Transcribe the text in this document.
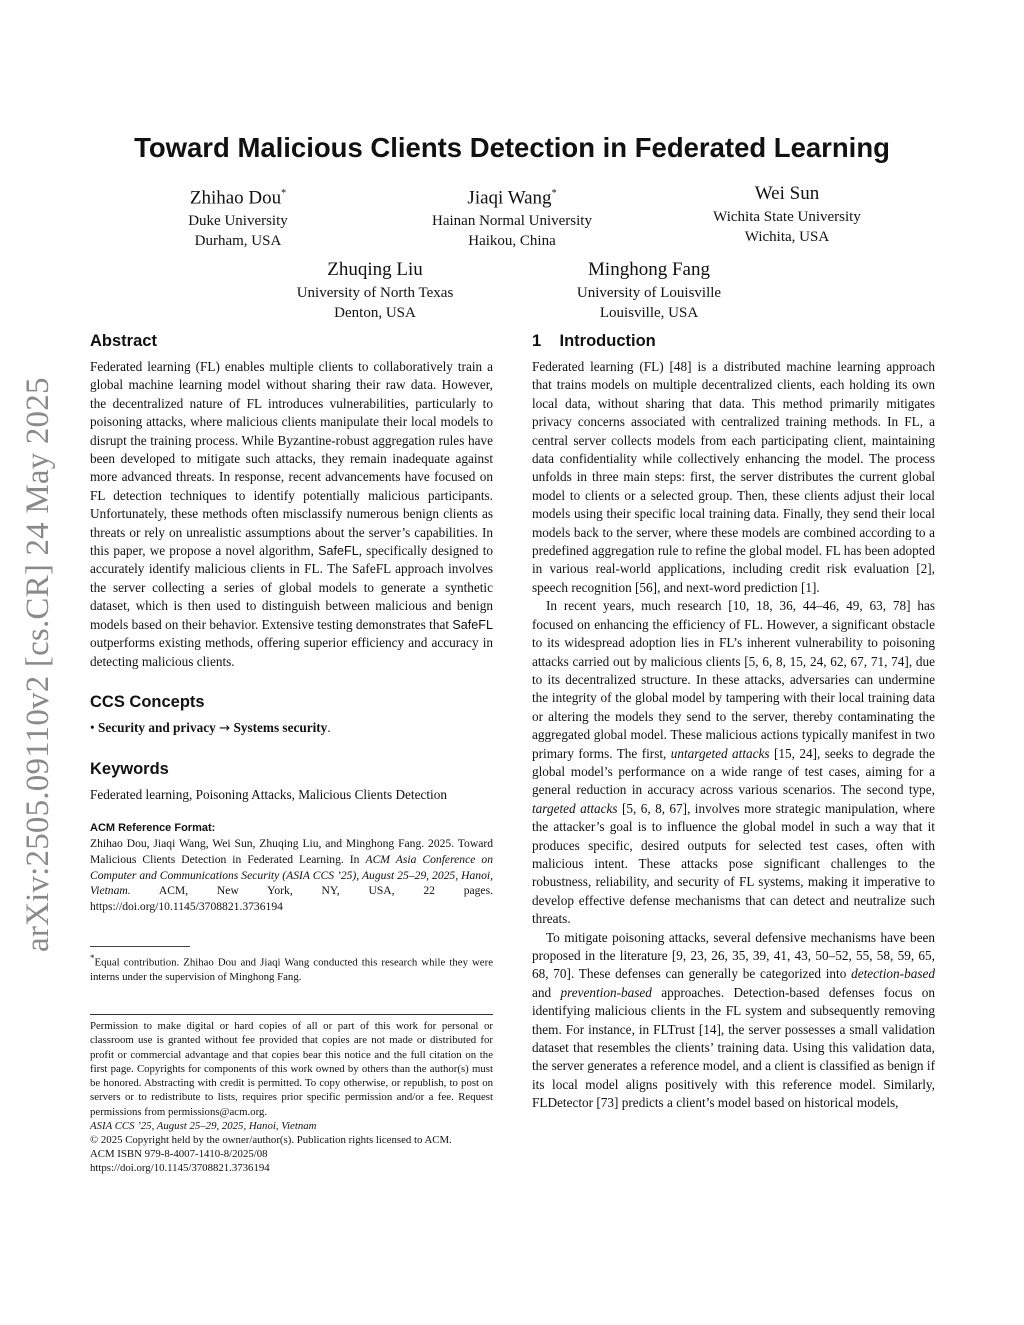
arXiv:2505.09110v2 [cs.CR] 24 May 2025
Toward Malicious Clients Detection in Federated Learning
Zhihao Dou*
Duke University
Durham, USA
Jiaqi Wang*
Hainan Normal University
Haikou, China
Wei Sun
Wichita State University
Wichita, USA
Zhuqing Liu
University of North Texas
Denton, USA
Minghong Fang
University of Louisville
Louisville, USA
Abstract

Federated learning (FL) enables multiple clients to collaboratively train a global machine learning model without sharing their raw data. However, the decentralized nature of FL introduces vulnerabilities, particularly to poisoning attacks, where malicious clients manipulate their local models to disrupt the training process. While Byzantine-robust aggregation rules have been developed to mitigate such attacks, they remain inadequate against more advanced threats. In response, recent advancements have focused on FL detection techniques to identify potentially malicious participants. Unfortunately, these methods often misclassify numerous benign clients as threats or rely on unrealistic assumptions about the server’s capabilities. In this paper, we propose a novel algorithm, SafeFL, specifically designed to accurately identify malicious clients in FL. The SafeFL approach involves the server collecting a series of global models to generate a synthetic dataset, which is then used to distinguish between malicious and benign models based on their behavior. Extensive testing demonstrates that SafeFL outperforms existing methods, offering superior efficiency and accuracy in detecting malicious clients.

CCS Concepts

• Security and privacy → Systems security.

Keywords

Federated learning, Poisoning Attacks, Malicious Clients Detection

ACM Reference Format:

Zhihao Dou, Jiaqi Wang, Wei Sun, Zhuqing Liu, and Minghong Fang. 2025. Toward Malicious Clients Detection in Federated Learning. In ACM Asia Conference on Computer and Communications Security (ASIA CCS ’25), August 25–29, 2025, Hanoi, Vietnam. ACM, New York, NY, USA, 22 pages. https://doi.org/10.1145/3708821.3736194

*Equal contribution. Zhihao Dou and Jiaqi Wang conducted this research while they were interns under the supervision of Minghong Fang.

Permission to make digital or hard copies of all or part of this work for personal or classroom use is granted without fee provided that copies are not made or distributed for profit or commercial advantage and that copies bear this notice and the full citation on the first page. Copyrights for components of this work owned by others than the author(s) must be honored. Abstracting with credit is permitted. To copy otherwise, or republish, to post on servers or to redistribute to lists, requires prior specific permission and/or a fee. Request permissions from permissions@acm.org.

ASIA CCS ’25, August 25–29, 2025, Hanoi, Vietnam

© 2025 Copyright held by the owner/author(s). Publication rights licensed to ACM.

ACM ISBN 979-8-4007-1410-8/2025/08

https://doi.org/10.1145/3708821.3736194

1    Introduction

Federated learning (FL) [48] is a distributed machine learning approach that trains models on multiple decentralized clients, each holding its own local data, without sharing that data. This method primarily mitigates privacy concerns associated with centralized training methods. In FL, a central server collects models from each participating client, maintaining data confidentiality while collectively enhancing the model. The process unfolds in three main steps: first, the server distributes the current global model to clients or a selected group. Then, these clients adjust their local models using their specific local training data. Finally, they send their local models back to the server, where these models are combined according to a predefined aggregation rule to refine the global model. FL has been adopted in various real-world applications, including credit risk evaluation [2], speech recognition [56], and next-word prediction [1].

In recent years, much research [10, 18, 36, 44–46, 49, 63, 78] has focused on enhancing the efficiency of FL. However, a significant obstacle to its widespread adoption lies in FL’s inherent vulnerability to poisoning attacks carried out by malicious clients [5, 6, 8, 15, 24, 62, 67, 71, 74], due to its decentralized structure. In these attacks, adversaries can undermine the integrity of the global model by tampering with their local training data or altering the models they send to the server, thereby contaminating the aggregated global model. These malicious actions typically manifest in two primary forms. The first, untargeted attacks [15, 24], seeks to degrade the global model’s performance on a wide range of test cases, aiming for a general reduction in accuracy across various scenarios. The second type, targeted attacks [5, 6, 8, 67], involves more strategic manipulation, where the attacker’s goal is to influence the global model in such a way that it produces specific, desired outputs for selected test cases, often with malicious intent. These attacks pose significant challenges to the robustness, reliability, and security of FL systems, making it imperative to develop effective defense mechanisms that can detect and neutralize such threats.

To mitigate poisoning attacks, several defensive mechanisms have been proposed in the literature [9, 23, 26, 35, 39, 41, 43, 50–52, 55, 58, 59, 65, 68, 70]. These defenses can generally be categorized into detection-based and prevention-based approaches. Detection-based defenses focus on identifying malicious clients in the FL system and subsequently removing them. For instance, in FLTrust [14], the server possesses a small validation dataset that resembles the clients’ training data. Using this validation data, the server generates a reference model, and a client is classified as benign if its local model aligns positively with this reference model. Similarly, FLDetector [73] predicts a client’s model based on historical models,
